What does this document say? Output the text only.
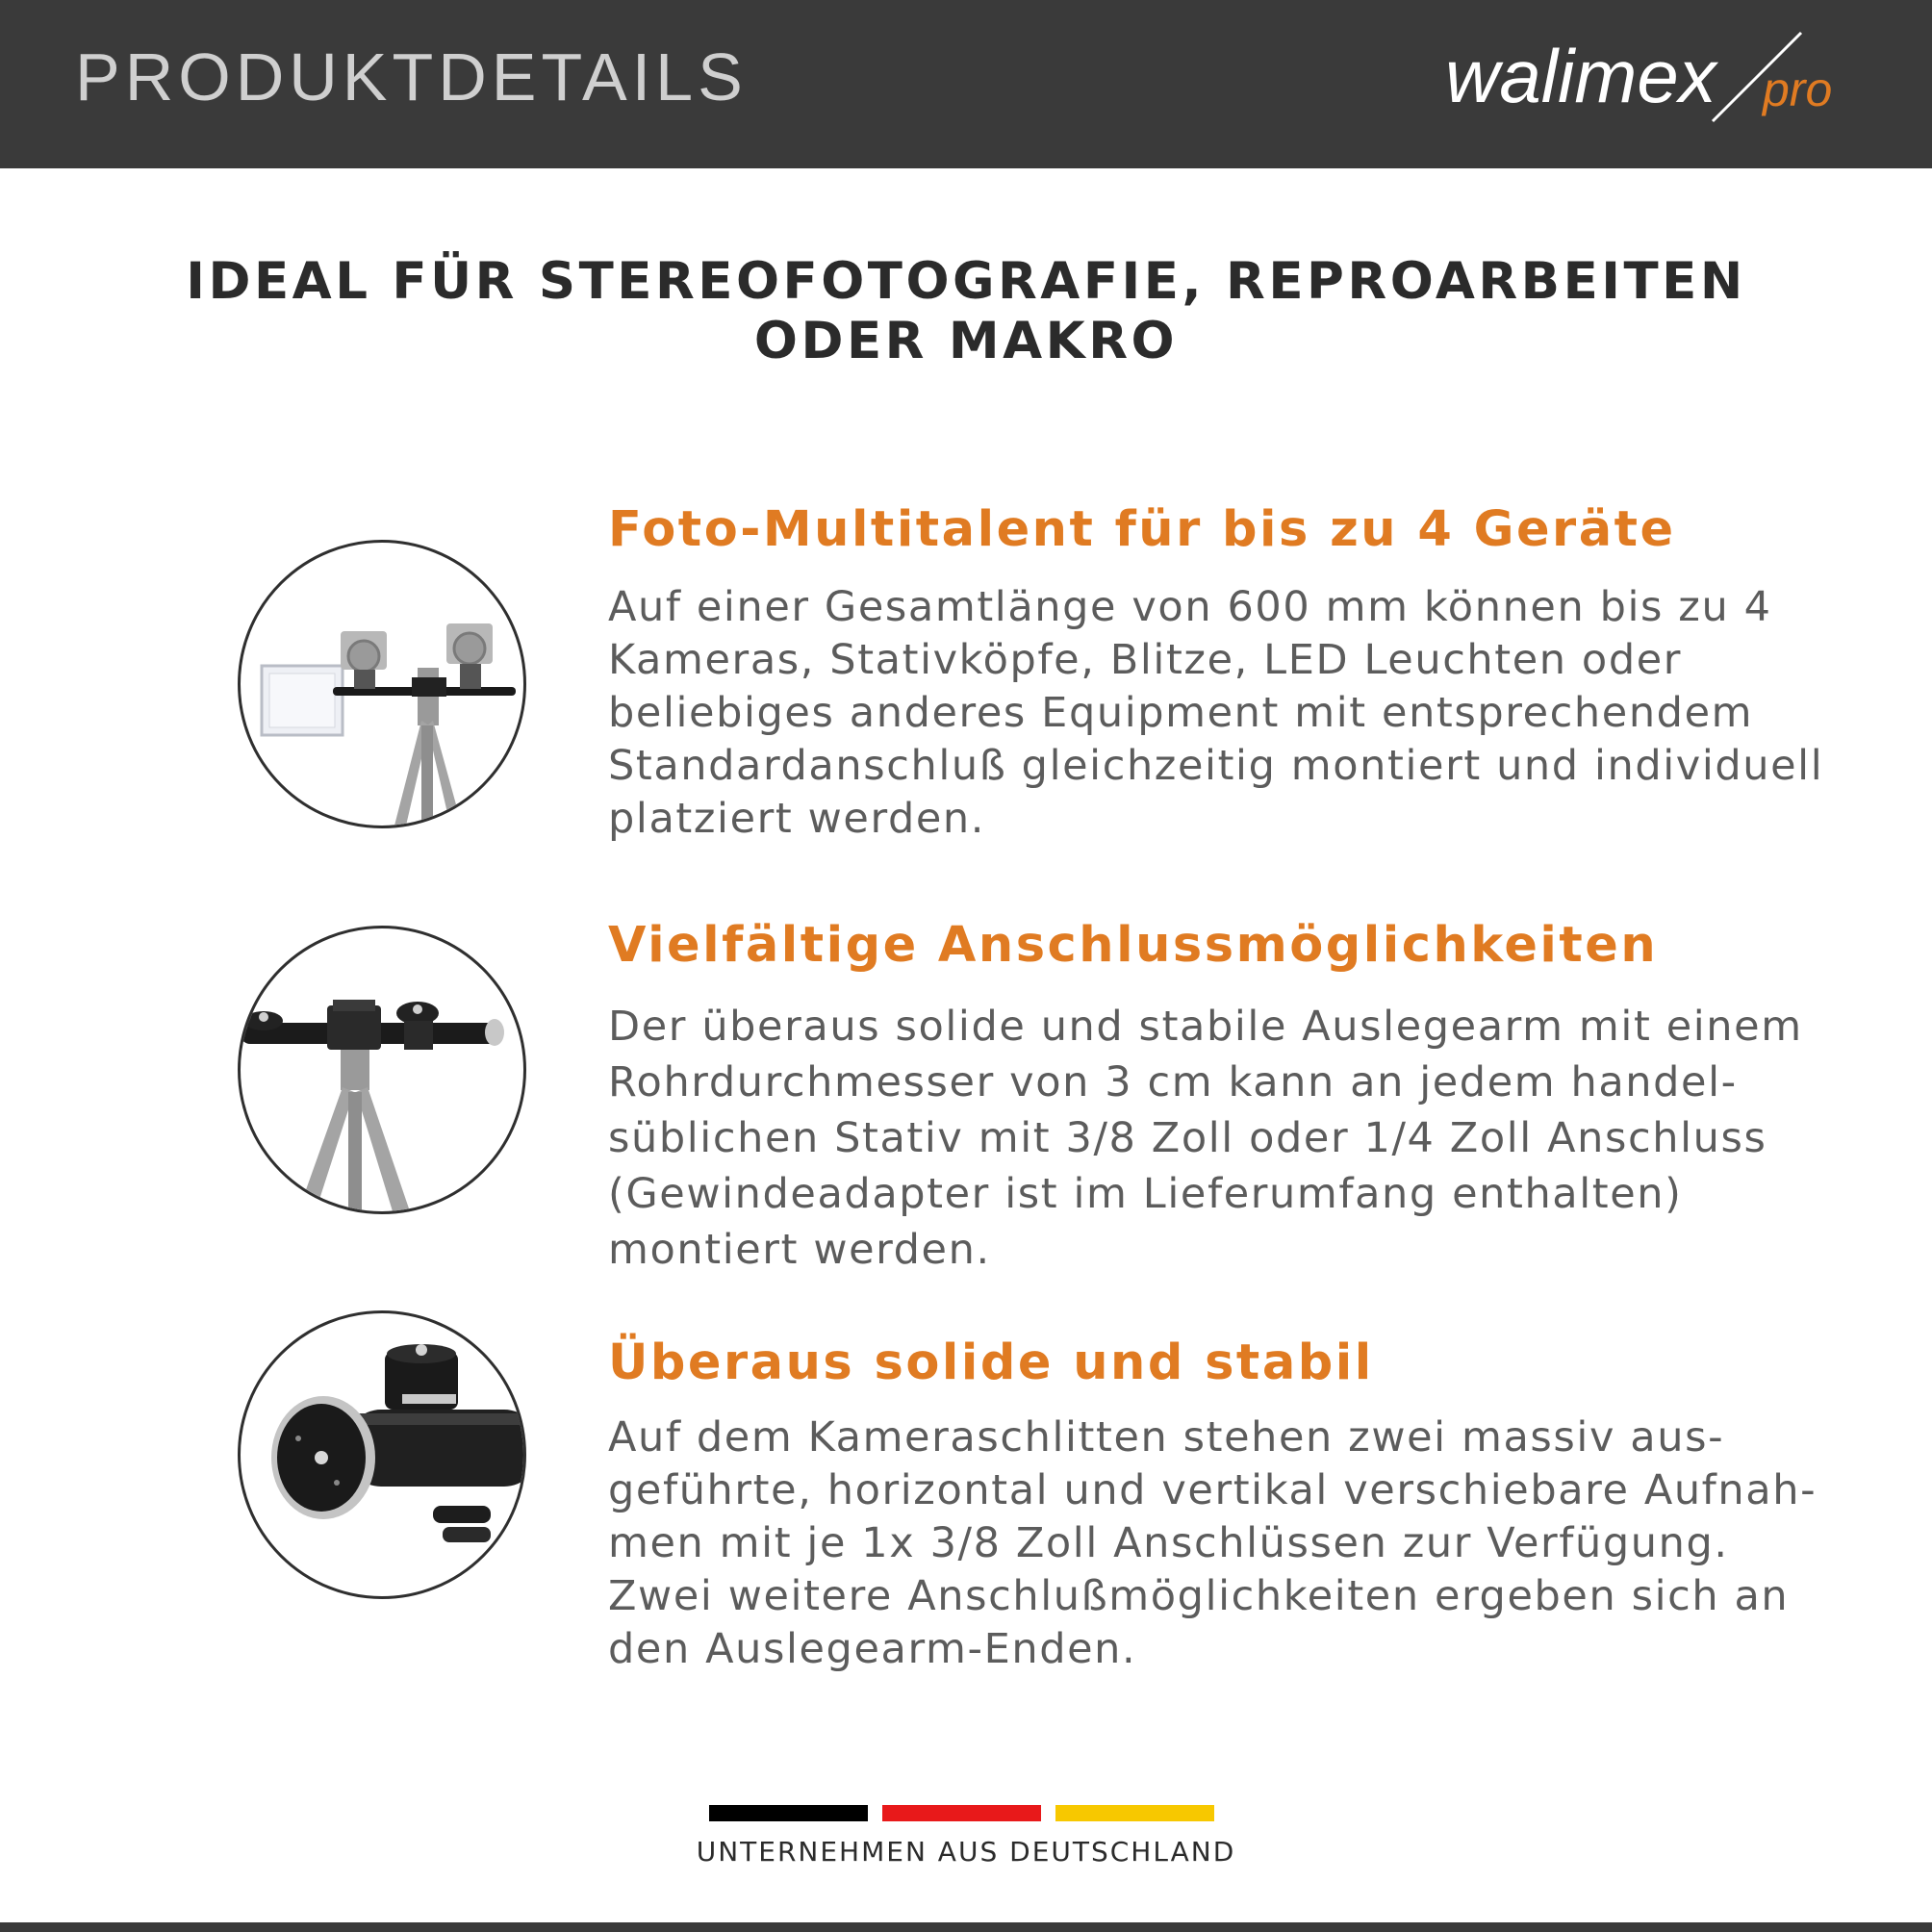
PRODUKTDETAILS	walimex pro
IDEAL FÜR STEREOFOTOGRAFIE, REPROARBEITEN
ODER MAKRO
Foto-Multitalent für bis zu 4 Geräte
Auf einer Gesamtlänge von 600 mm können bis zu 4
Kameras, Stativköpfe, Blitze, LED Leuchten oder
beliebiges anderes Equipment mit entsprechendem
Standardanschluß gleichzeitig montiert und individuell
platziert werden.
Vielfältige Anschlussmöglichkeiten
Der überaus solide und stabile Auslegearm mit einem
Rohrdurchmesser von 3 cm kann an jedem handel-
süblichen Stativ mit 3/8 Zoll oder 1/4 Zoll Anschluss
(Gewindeadapter ist im Lieferumfang enthalten)
montiert werden.
Überaus solide und stabil
Auf dem Kameraschlitten stehen zwei massiv aus-
geführte, horizontal und vertikal verschiebare Aufnah-
men mit je 1x 3/8 Zoll Anschlüssen zur Verfügung.
Zwei weitere Anschlußmöglichkeiten ergeben sich an
den Auslegearm-Enden.
UNTERNEHMEN AUS DEUTSCHLAND
